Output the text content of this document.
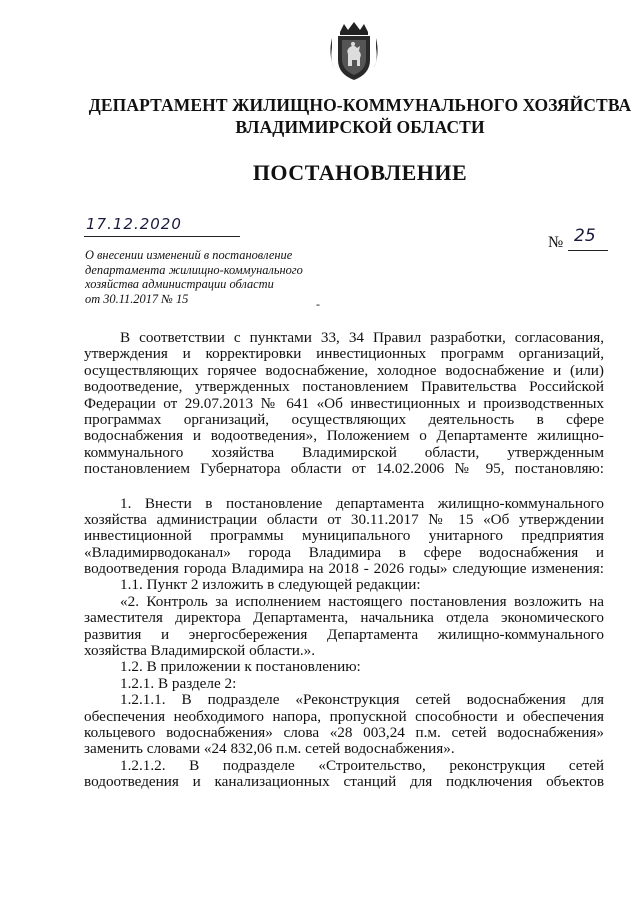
ДЕПАРТАМЕНТ ЖИЛИЩНО-КОММУНАЛЬНОГО ХОЗЯЙСТВА
ВЛАДИМИРСКОЙ ОБЛАСТИ
ПОСТАНОВЛЕНИЕ
17.12.2020
№ 25
О внесении изменений в постановление
департамента жилищно-коммунального
хозяйства администрации области
от 30.11.2017 № 15	-
В соответствии с пунктами 33, 34 Правил разработки, согласования,
утверждения и корректировки инвестиционных программ организаций,
осуществляющих горячее водоснабжение, холодное водоснабжение и (или)
водоотведение, утвержденных постановлением Правительства Российской
Федерации от 29.07.2013 № 641 «Об инвестиционных и производственных
программах организаций, осуществляющих деятельность в сфере
водоснабжения и водоотведения», Положением о Департаменте жилищно-
коммунального хозяйства Владимирской области, утвержденным
постановлением Губернатора области от 14.02.2006 № 95, постановляю:
1. Внести в постановление департамента жилищно-коммунального
хозяйства администрации области от 30.11.2017 № 15 «Об утверждении
инвестиционной программы муниципального унитарного предприятия
«Владимирводоканал» города Владимира в сфере водоснабжения и
водоотведения города Владимира на 2018 - 2026 годы» следующие изменения:
1.1. Пункт 2 изложить в следующей редакции:
«2. Контроль за исполнением настоящего постановления возложить на
заместителя директора Департамента, начальника отдела экономического
развития и энергосбережения Департамента жилищно-коммунального
хозяйства Владимирской области.».
1.2. В приложении к постановлению:
1.2.1. В разделе 2:
1.2.1.1. В подразделе «Реконструкция сетей водоснабжения для
обеспечения необходимого напора, пропускной способности и обеспечения
кольцевого водоснабжения» слова «28 003,24 п.м. сетей водоснабжения»
заменить словами «24 832,06 п.м. сетей водоснабжения».
1.2.1.2. В подразделе «Строительство, реконструкция сетей
водоотведения и канализационных станций для подключения объектов
